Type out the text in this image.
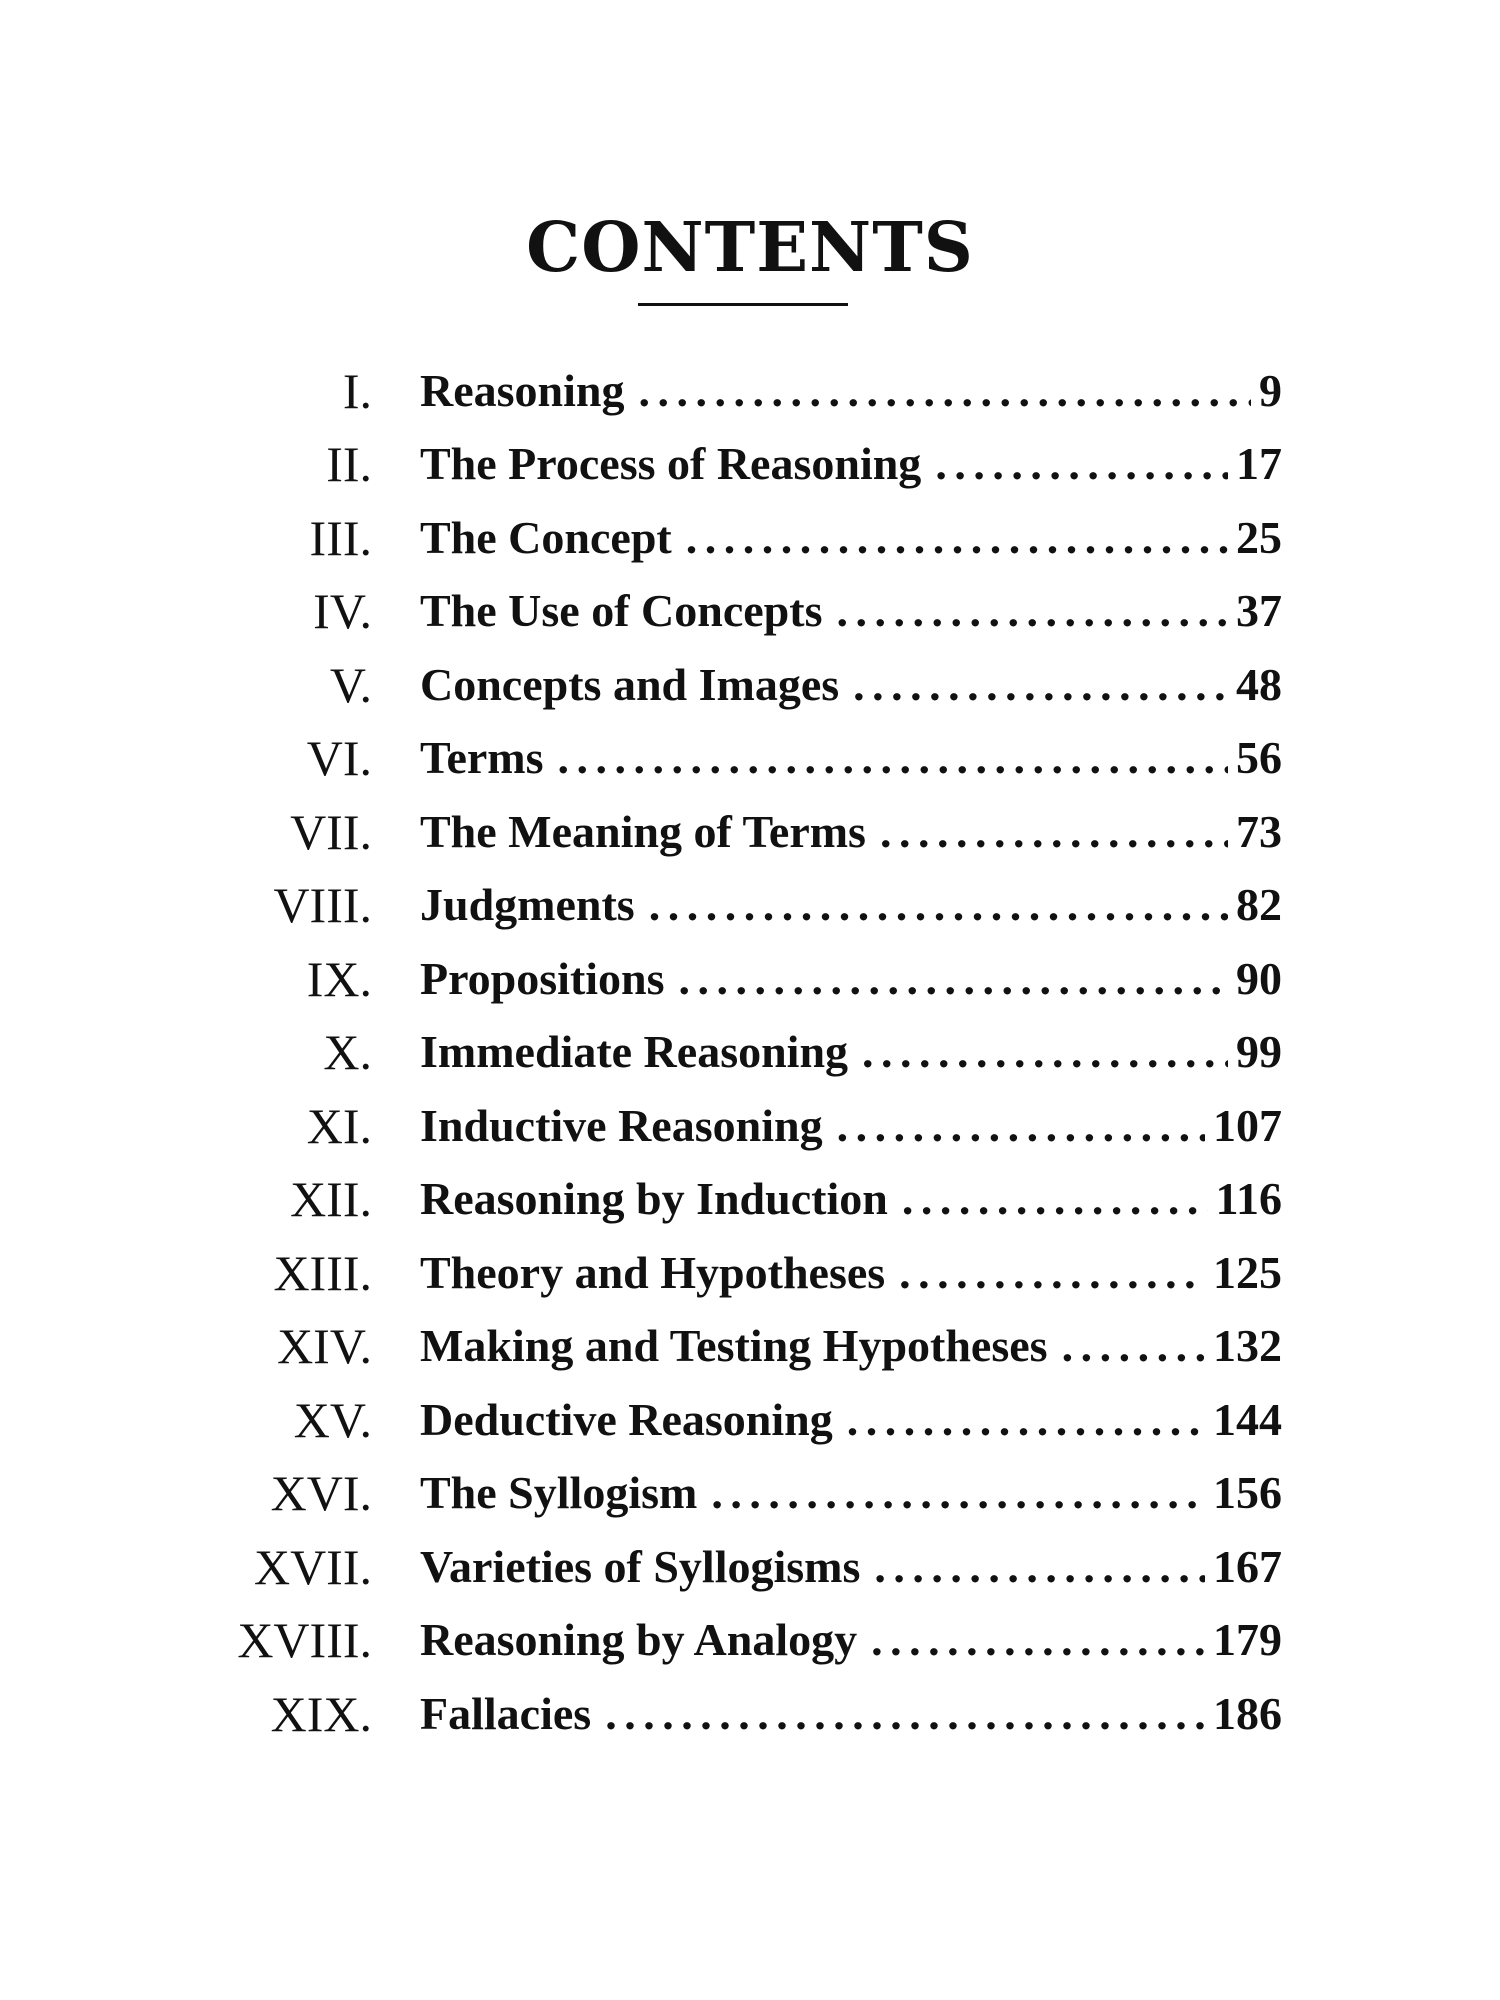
CONTENTS
I. Reasoning . . .	9
II. The Process of Reasoning . . .	17
III. The Concept . . .	25
IV. The Use of Concepts . . .	37
V. Concepts and Images . . .	48
VI. Terms . . .	56
VII. The Meaning of Terms . . .	73
VIII. Judgments . . .	82
IX. Propositions . . .	90
X. Immediate Reasoning . . .	99
XI. Inductive Reasoning . . .	107
XII. Reasoning by Induction . . .	116
XIII. Theory and Hypotheses . . .	125
XIV. Making and Testing Hypotheses . . .	132
XV. Deductive Reasoning . . .	144
XVI. The Syllogism . . .	156
XVII. Varieties of Syllogisms . . .	167
XVIII. Reasoning by Analogy . . .	179
XIX. Fallacies . . .	186
